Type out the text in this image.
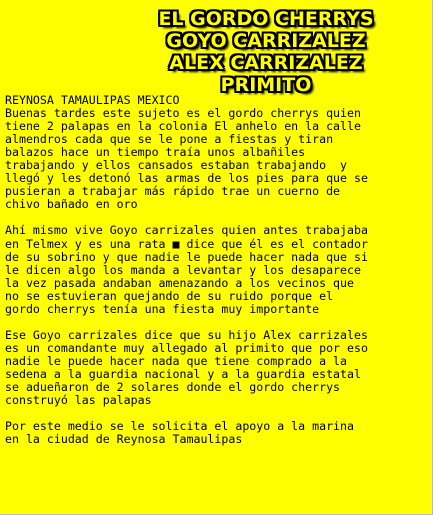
EL GORDO CHERRYS
GOYO CARRIZALEZ
ALEX CARRIZALEZ
PRIMITO
REYNOSA TAMAULIPAS MEXICO
Buenas tardes este sujeto es el gordo cherrys quien
tiene 2 palapas en la colonia El anhelo en la calle
almendros cada que se le pone a fiestas y tiran
balazos hace un tiempo traía unos albañiles
trabajando y ellos cansados estaban trabajando  y
llegó y les detonó las armas de los pies para que se
pusieran a trabajar más rápido trae un cuerno de
chivo bañado en oro
Ahí mismo vive Goyo carrizales quien antes trabajaba
en Telmex y es una rata ■ dice que él es el contador
de su sobrino y que nadie le puede hacer nada que si
le dicen algo los manda a levantar y los desaparece
la vez pasada andaban amenazando a los vecinos que
no se estuvieran quejando de su ruido porque el
gordo cherrys tenía una fiesta muy importante
Ese Goyo carrizales dice que su hijo Alex carrizales
es un comandante muy allegado al primito que por eso
nadie le puede hacer nada que tiene comprado a la
sedena a la guardia nacional y a la guardia estatal
se adueñaron de 2 solares donde el gordo cherrys
construyó las palapas
Por este medio se le solicita el apoyo a la marina
en la ciudad de Reynosa Tamaulipas
